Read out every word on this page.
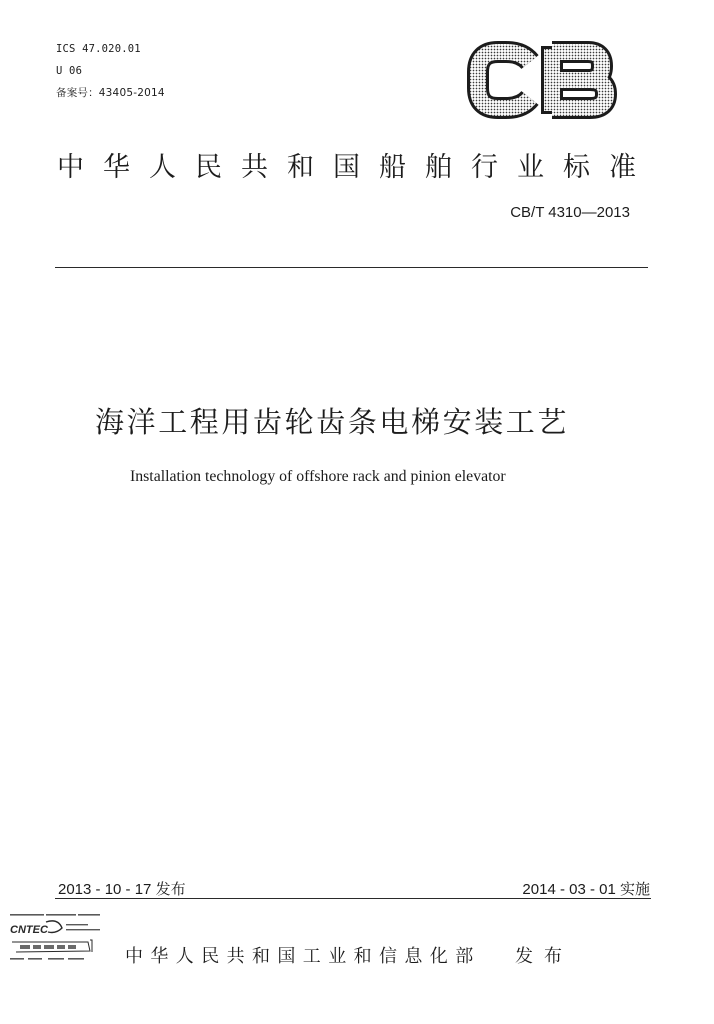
ICS 47.020.01
U 06
备案号：43405-2014
中华人民共和国船舶行业标准
CB/T 4310—2013
海洋工程用齿轮齿条电梯安装工艺
Installation technology of offshore rack and pinion elevator
2013 - 10 - 17 发布	2014 - 03 - 01 实施
CNTEC
中华人民共和国工业和信息化部 发布
